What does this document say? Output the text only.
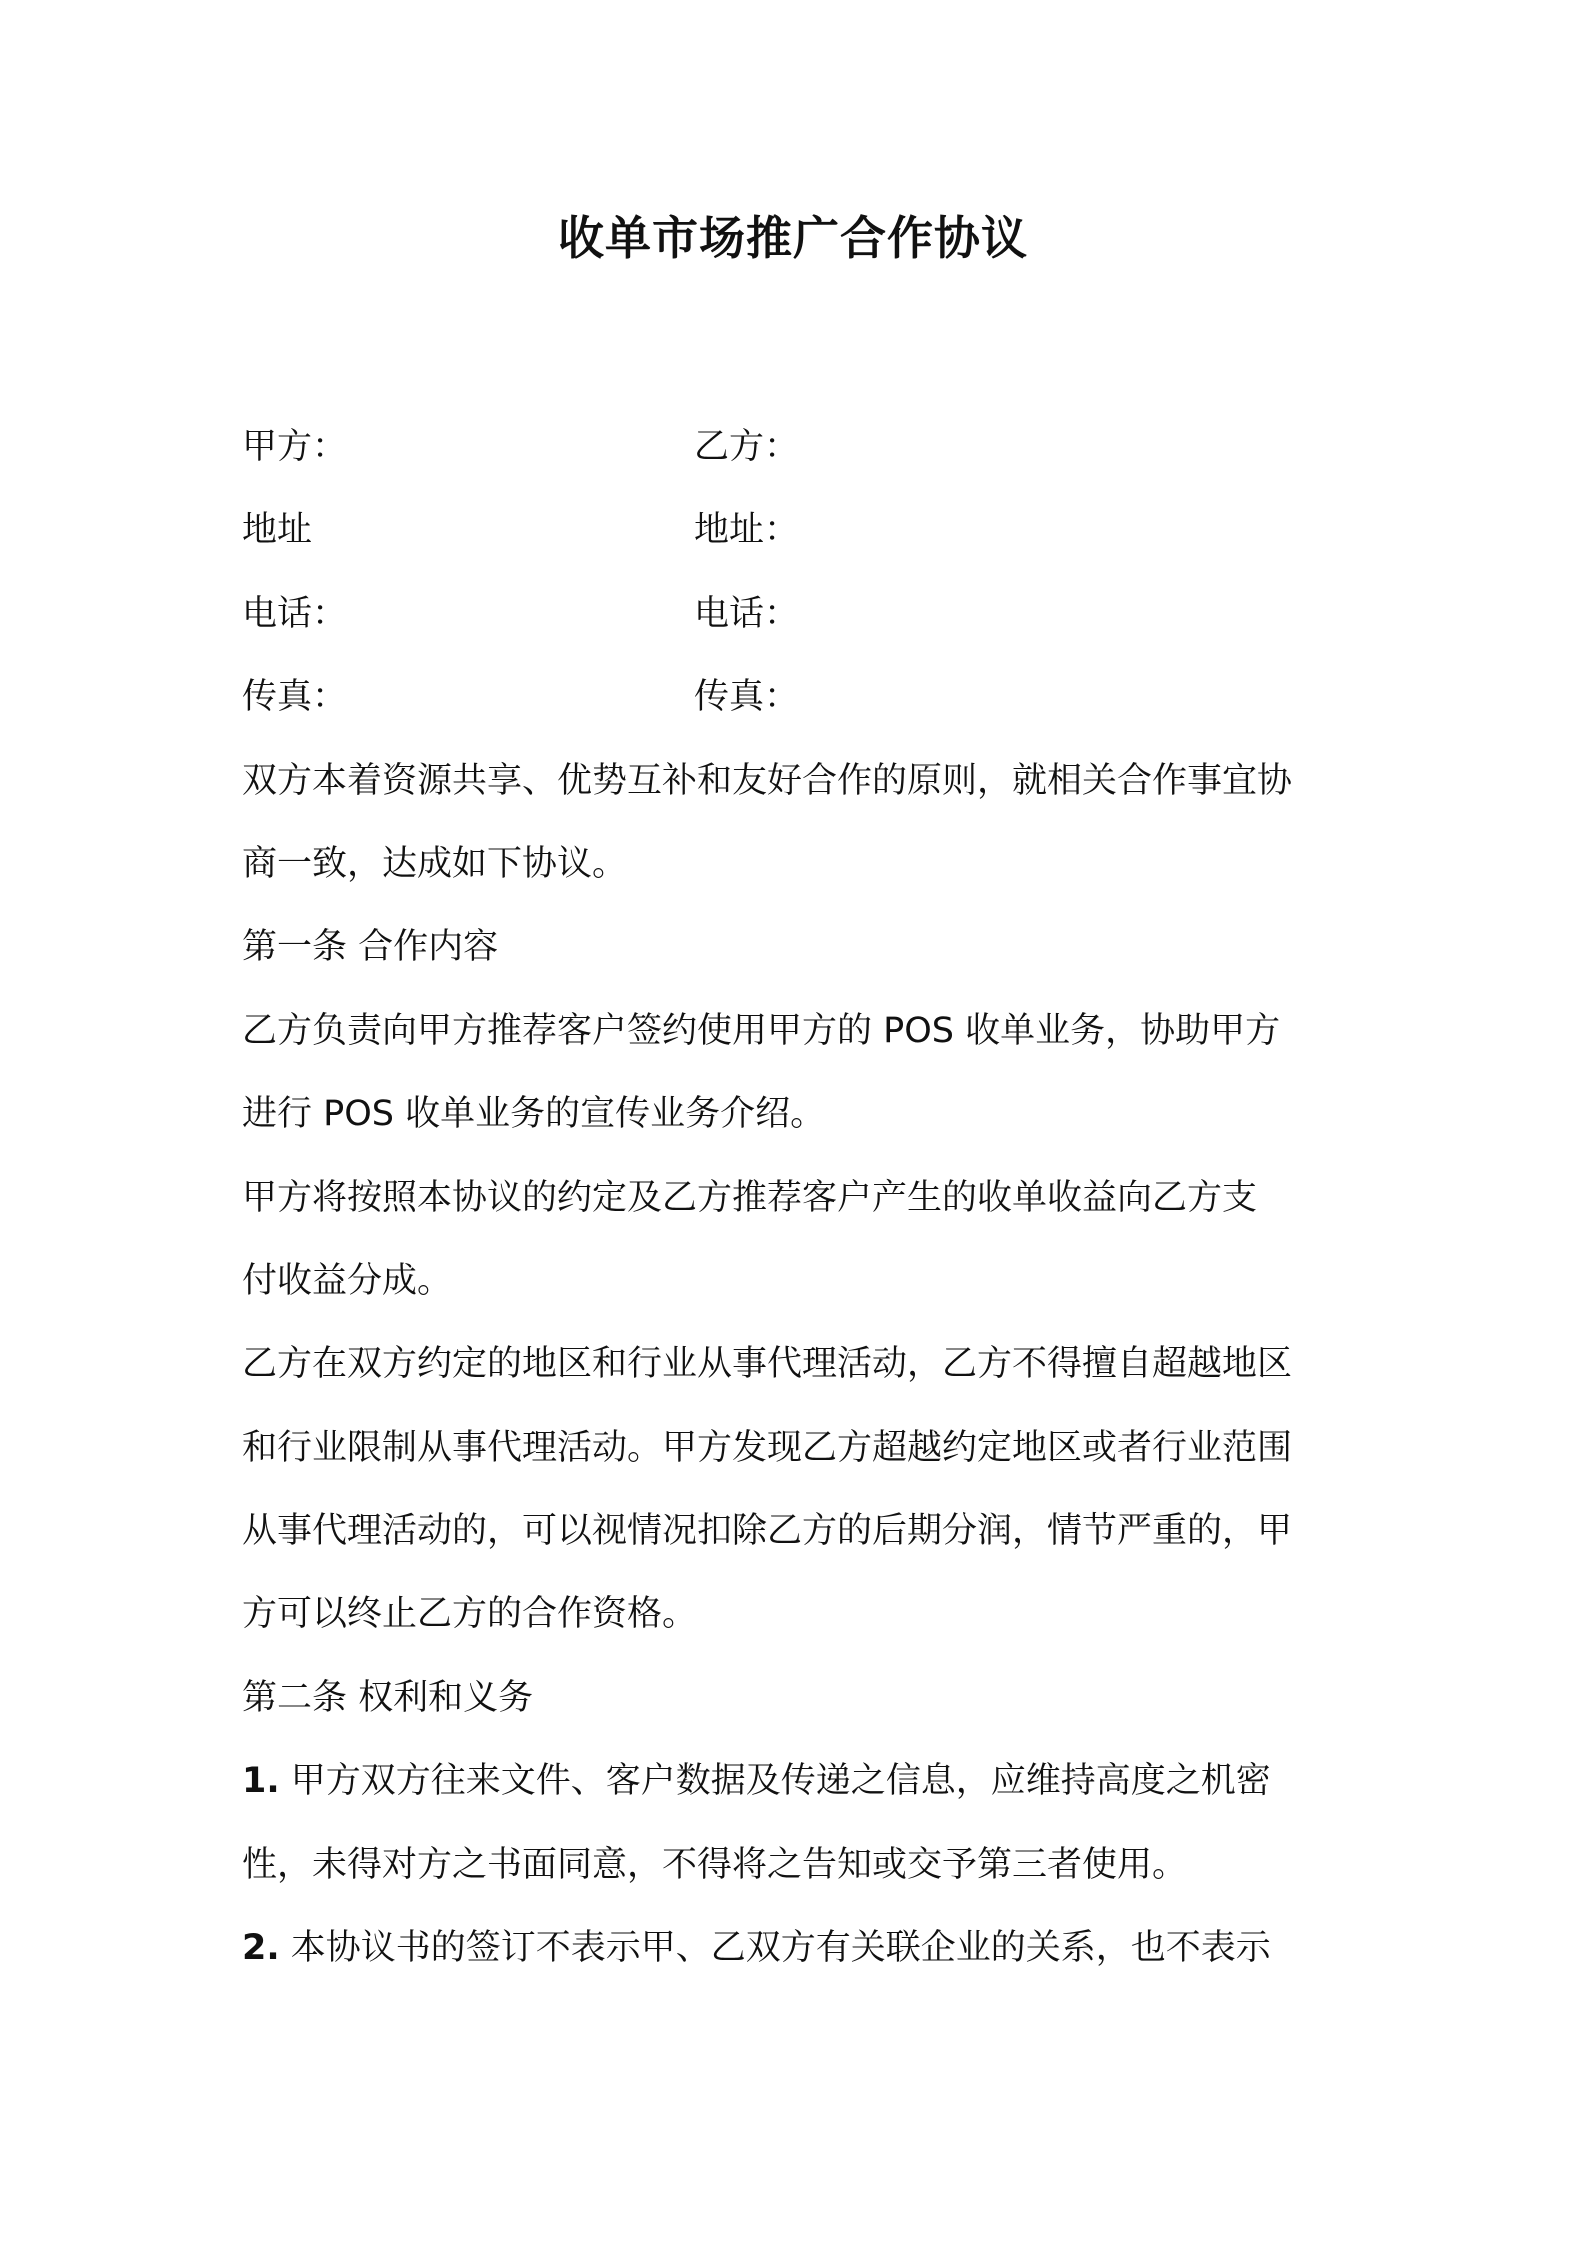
收单市场推广合作协议
甲方：	乙方：
地址	地址：
电话：	电话：
传真：	传真：
双方本着资源共享、优势互补和友好合作的原则，就相关合作事宜协
商一致，达成如下协议。
第一条 合作内容
乙方负责向甲方推荐客户签约使用甲方的 POS 收单业务，协助甲方
进行 POS 收单业务的宣传业务介绍。
甲方将按照本协议的约定及乙方推荐客户产生的收单收益向乙方支
付收益分成。
乙方在双方约定的地区和行业从事代理活动，乙方不得擅自超越地区
和行业限制从事代理活动。甲方发现乙方超越约定地区或者行业范围
从事代理活动的，可以视情况扣除乙方的后期分润，情节严重的，甲
方可以终止乙方的合作资格。
第二条 权利和义务
1. 甲方双方往来文件、客户数据及传递之信息，应维持高度之机密
性，未得对方之书面同意，不得将之告知或交予第三者使用。
2. 本协议书的签订不表示甲、乙双方有关联企业的关系，也不表示
